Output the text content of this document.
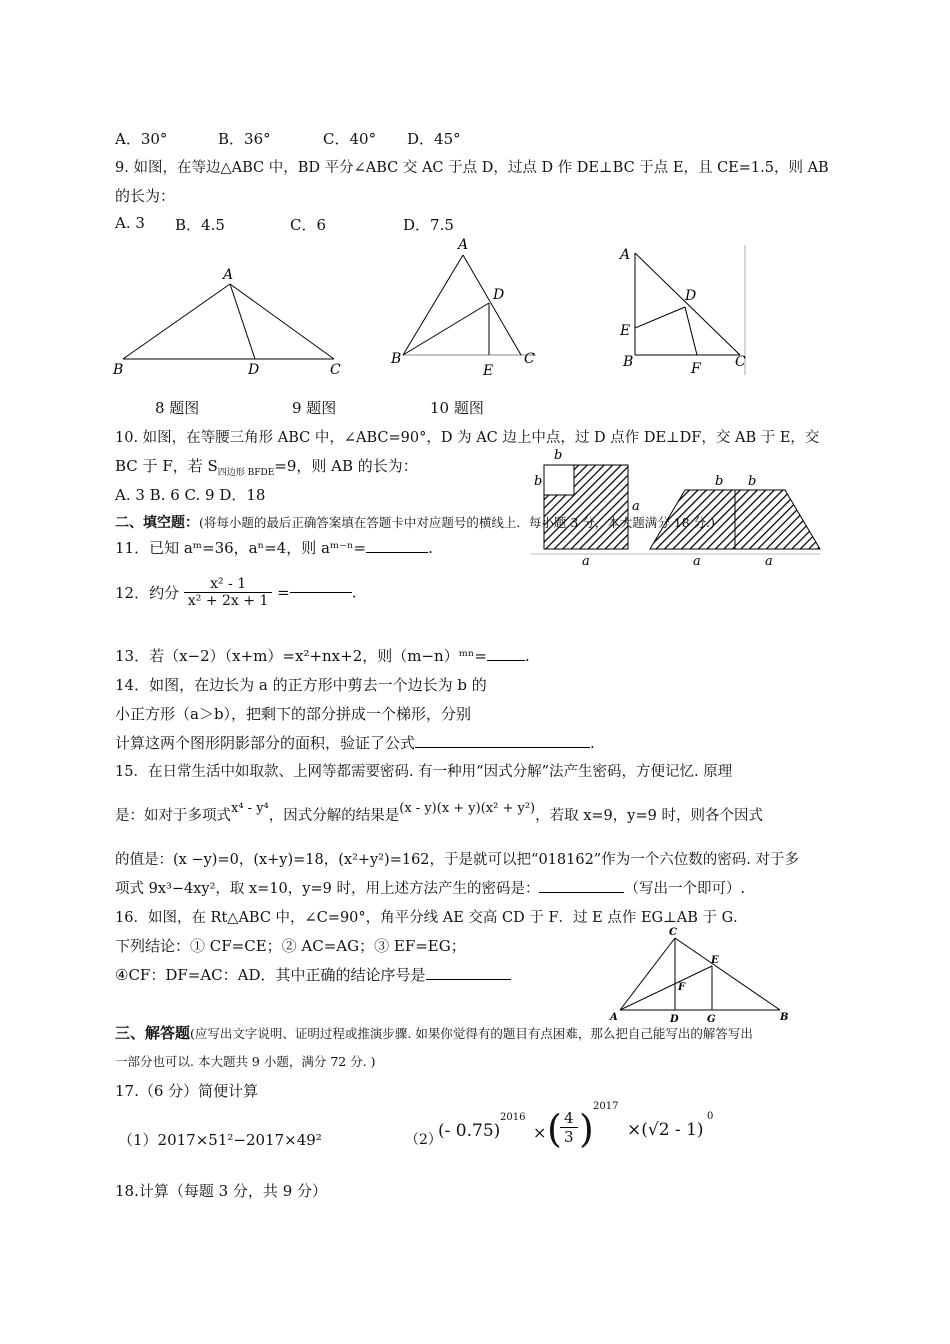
A．30°	B．36°	C．40° D．45°
9. 如图，在等边△ABC 中，BD 平分∠ABC 交 AC 于点 D，过点 D 作 DE⊥BC 于点 E，且 CE=1.5，则 AB
的长为：
A. 3 B．4.5	C．6	D．7.5
A
B	D	C
A
D
B
E
C
A
D
E
B	F C
8 题图	9 题图	10 题图
10. 如图，在等腰三角形 ABC 中，∠ABC=90°，D 为 AC 边上中点，过 D 点作 DE⊥DF，交 AB 于 E，交
BC 于 F，若 $S_{四边形 BFDE}=9$，则 AB 的长为：
A. 3 B. 6 C. 9 D．18
b
b
a
a
b b
a	a
二、填空题：(将每小题的最后正确答案填在答题卡中对应题号的横线上．每小题 3 分，本大题满分 18 分.)
11．已知 aᵐ=36，aⁿ=4，则 aᵐ⁻ⁿ=	.
12．约分 $\frac{\text{x² - 1}}{\text{x² + 2x + 1}}$ =	.
13．若（x−2）（x+m）=x²+nx+2，则（m−n）ᵐⁿ=	.
14．如图，在边长为 a 的正方形中剪去一个边长为 b 的
小正方形（a＞b），把剩下的部分拼成一个梯形，分别
计算这两个图形阴影部分的面积，验证了公式	.
15．在日常生活中如取款、上网等都需要密码. 有一种用“因式分解”法产生密码，方便记忆. 原理
是：如对于多项式x⁴ - y⁴，因式分解的结果是(x - y)(x + y)(x² + y²)，若取 x=9，y=9 时，则各个因式
的值是：(x −y)=0，(x+y)=18，(x²+y²)=162，于是就可以把“018162”作为一个六位数的密码. 对于多
项式 9x³−4xy²，取 x=10，y=9 时，用上述方法产生的密码是：	（写出一个即可）.
16．如图，在 Rt△ABC 中，∠C=90°，角平分线 AE 交高 CD 于 F．过 E 点作 EG⊥AB 于 G．
下列结论：① CF=CE；② AC=AG；③ EF=EG；
④CF：DF=AC：AD．其中正确的结论序号是
C
E
F
A	D	G	B
三、解答题(应写出文字说明、证明过程或推演步骤. 如果你觉得有的题目有点困难，那么把自己能写出的解答写出
一部分也可以. 本大题共 9 小题，满分 72 分. )
17.（6 分）简便计算
（1）2017×51²−2017×49²	（2）
(- 0.75)
2016
× (
$\frac{4}{3}$ )
2017
×(√2 - 1)
0
18.计算（每题 3 分，共 9 分）
